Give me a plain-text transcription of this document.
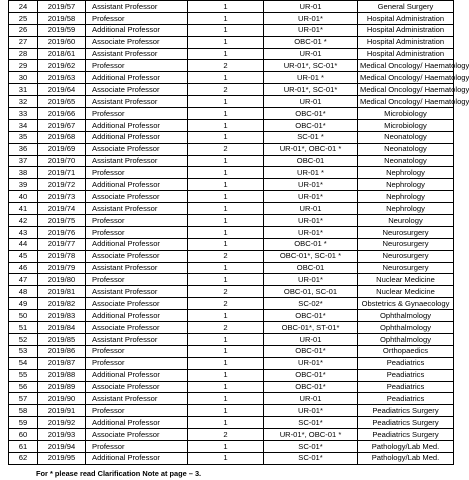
24	2019/57	Assistant Professor	1	UR-01	General Surgery
25	2019/58	Professor	1	UR-01*	Hospital Administration
26	2019/59	Additional Professor	1	UR-01*	Hospital Administration
27	2019/60	Associate Professor	1	OBC-01 *	Hospital Administration
28	2018/61	Assistant Professor	1	UR-01	Hospital Administration
29	2019/62	Professor	2	UR-01*, SC-01*	Medical Oncology/ Haematology
30	2019/63	Additional Professor	1	UR-01 *	Medical Oncology/ Haematology
31	2019/64	Associate Professor	2	UR-01*, SC-01*	Medical Oncology/ Haematology
32	2019/65	Assistant Professor	1	UR-01	Medical Oncology/ Haematology
33	2019/66	Professor	1	OBC-01*	Microbiology
34	2019/67	Additional Professor	1	OBC-01*	Microbiology
35	2019/68	Additional Professor	1	SC-01 *	Neonatology
36	2019/69	Associate Professor	2	UR-01*, OBC-01 *	Neonatology
37	2019/70	Assistant Professor	1	OBC-01	Neonatology
38	2019/71	Professor	1	UR-01 *	Nephrology
39	2019/72	Additional Professor	1	UR-01*	Nephrology
40	2019/73	Associate Professor	1	UR-01*	Nephrology
41	2019/74	Assistant Professor	1	UR-01	Nephrology
42	2019/75	Professor	1	UR-01*	Neurology
43	2019/76	Professor	1	UR-01*	Neurosurgery
44	2019/77	Additional Professor	1	OBC-01 *	Neurosurgery
45	2019/78	Associate Professor	2	OBC-01*, SC-01 *	Neurosurgery
46	2019/79	Assistant Professor	1	OBC-01	Neurosurgery
47	2019/80	Professor	1	UR-01*	Nuclear Medicine
48	2019/81	Assistant Professor	2	OBC-01, SC-01	Nuclear Medicine
49	2019/82	Associate Professor	2	SC-02*	Obstetrics & Gynaecology
50	2019/83	Additional Professor	1	OBC-01*	Ophthalmology
51	2019/84	Associate Professor	2	OBC-01*, ST-01*	Ophthalmology
52	2019/85	Assistant Professor	1	UR-01	Ophthalmology
53	2019/86	Professor	1	OBC-01*	Orthopaedics
54	2019/87	Professor	1	UR-01*	Peadiatrics
55	2019/88	Additional Professor	1	OBC-01*	Peadiatrics
56	2019/89	Associate Professor	1	OBC-01*	Peadiatrics
57	2019/90	Assistant Professor	1	UR-01	Peadiatrics
58	2019/91	Professor	1	UR-01*	Peadiatrics Surgery
59	2019/92	Additional Professor	1	SC-01*	Peadiatrics Surgery
60	2019/93	Associate Professor	2	UR-01*, OBC-01 *	Peadiatrics Surgery
61	2019/94	Professor	1	SC-01*	Pathology/Lab Med.
62	2019/95	Additional Professor	1	SC-01*	Pathology/Lab Med.
For * please read Clarification Note at page – 3.
